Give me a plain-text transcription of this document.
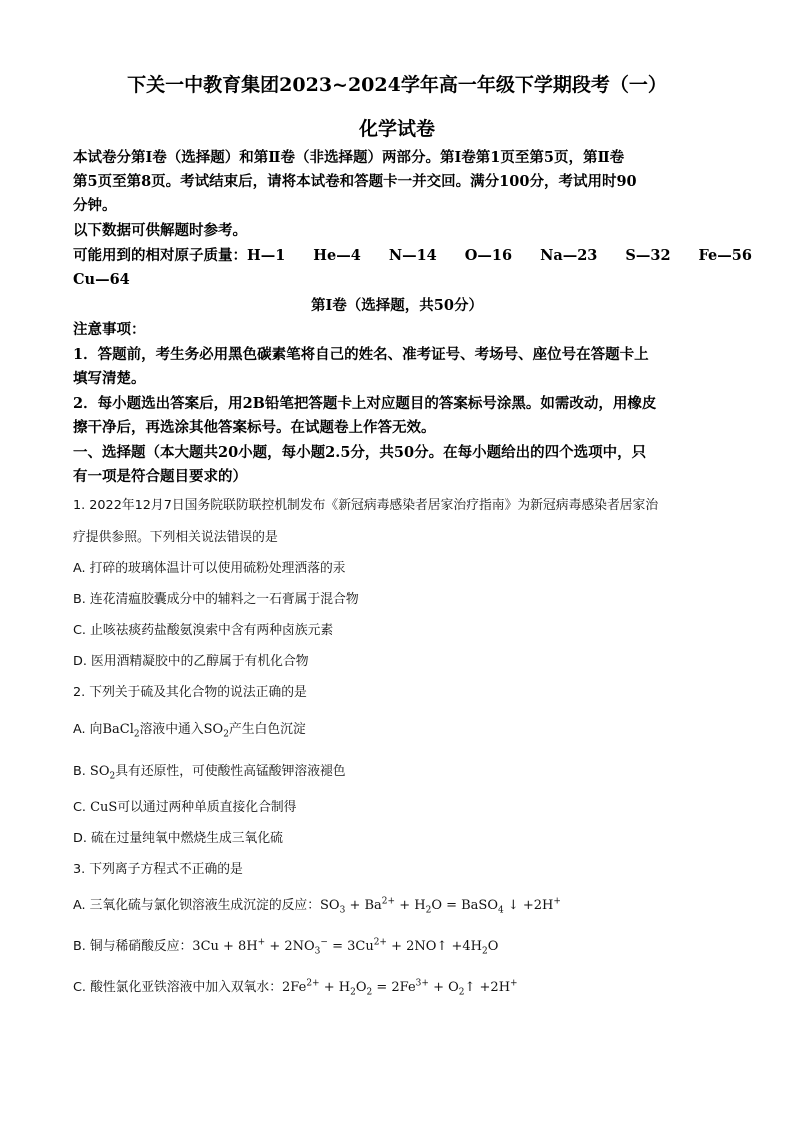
下关一中教育集团2023~2024学年高一年级下学期段考（一）
化学试卷
本试卷分第Ⅰ卷（选择题）和第Ⅱ卷（非选择题）两部分。第Ⅰ卷第1页至第5页，第Ⅱ卷
第5页至第8页。考试结束后，请将本试卷和答题卡一并交回。满分100分，考试用时90
分钟。
以下数据可供解题时参考。
可能用到的相对原子质量：H—1 He—4 N—14 O—16 Na—23 S—32 Fe—56
Cu—64
第Ⅰ卷（选择题，共50分）
注意事项：
1．答题前，考生务必用黑色碳素笔将自己的姓名、准考证号、考场号、座位号在答题卡上
填写清楚。
2．每小题选出答案后，用2B铅笔把答题卡上对应题目的答案标号涂黑。如需改动，用橡皮
擦干净后，再选涂其他答案标号。在试题卷上作答无效。
一、选择题（本大题共20小题，每小题2.5分，共50分。在每小题给出的四个选项中，只
有一项是符合题目要求的）
1. 2022年12月7日国务院联防联控机制发布《新冠病毒感染者居家治疗指南》为新冠病毒感染者居家治
疗提供参照。下列相关说法错误的是
A. 打碎的玻璃体温计可以使用硫粉处理洒落的汞
B. 连花清瘟胶囊成分中的辅料之一石膏属于混合物
C. 止咳祛痰药盐酸氨溴索中含有两种卤族元素
D. 医用酒精凝胶中的乙醇属于有机化合物
2. 下列关于硫及其化合物的说法正确的是
A. 向BaCl$_2$溶液中通入$SO_2$产生白色沉淀
B. $SO_2$具有还原性，可使酸性高锰酸钾溶液褪色
C. CuS可以通过两种单质直接化合制得
D. 硫在过量纯氧中燃烧生成三氧化硫
3. 下列离子方程式不正确的是
A. 三氧化硫与氯化钡溶液生成沉淀的反应：$SO_3 + Ba^{2+} + H_2O$ = BaSO$_4$ ↓ +2H+
B. 铜与稀硝酸反应：$3Cu + 8H^+ + 2NO_3^- = 3Cu^{2+}$ + 2NO↑ $+4H_2O$
C. 酸性氯化亚铁溶液中加入双氧水：$2Fe^{2+} + H_2O_2 = 2Fe^{3+}$ + $O_2↑ +2H^+$
